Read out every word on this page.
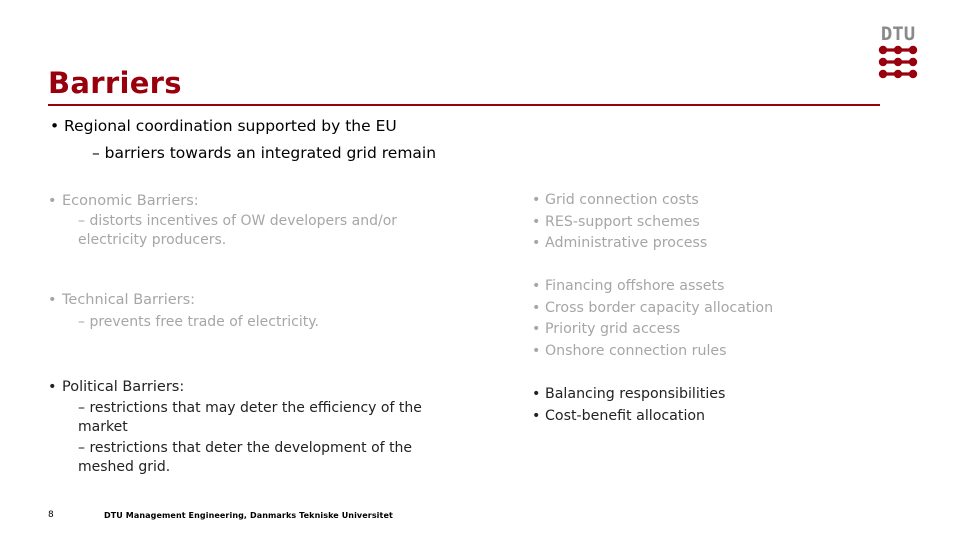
Barriers
DTU
• Regional coordination supported by the EU
– barriers towards an integrated grid remain
• Economic Barriers:
– distorts incentives of OW developers and/or electricity producers.
• Technical Barriers:
– prevents free trade of electricity.
• Political Barriers:
– restrictions that may deter the efficiency of the market
– restrictions that deter the development of the meshed grid.
• Grid connection costs
• RES-support schemes
• Administrative process
• Financing offshore assets
• Cross border capacity allocation
• Priority grid access
• Onshore connection rules
• Balancing responsibilities
• Cost-benefit allocation
8	DTU Management Engineering, Danmarks Tekniske Universitet
